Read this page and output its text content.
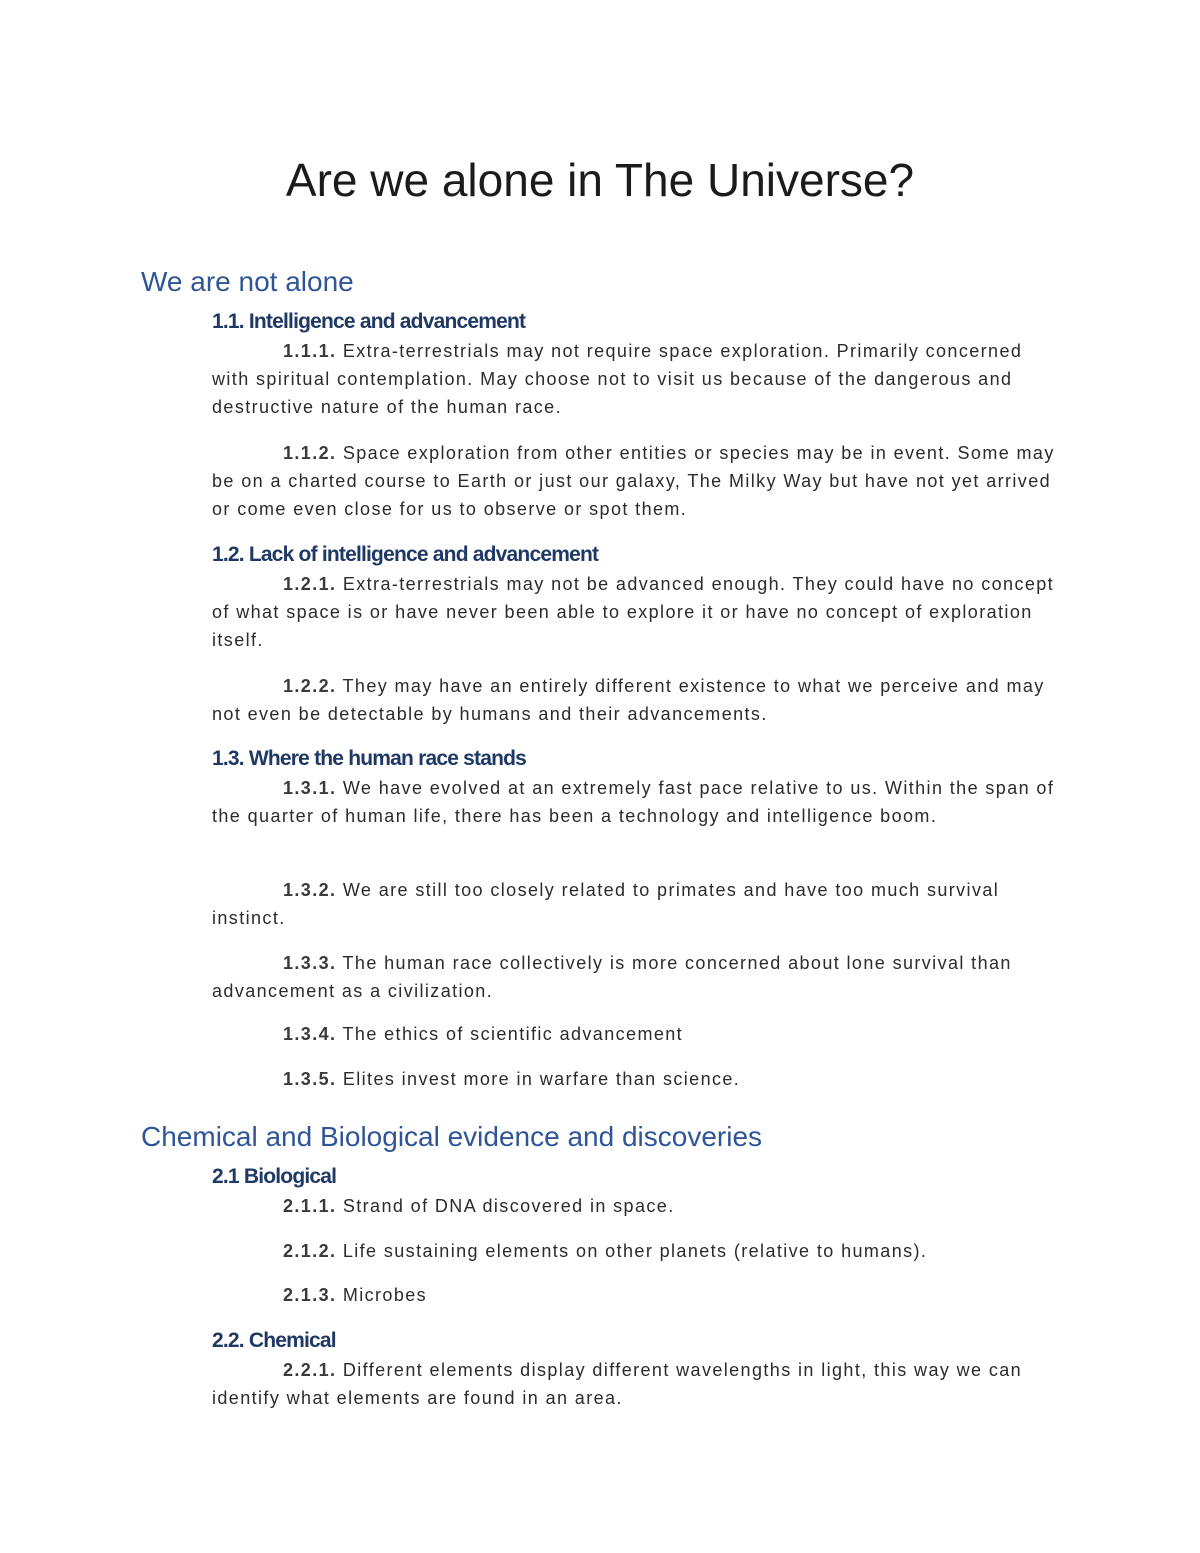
Are we alone in The Universe?
We are not alone
1.1. Intelligence and advancement

1.1.1. Extra-terrestrials may not require space exploration. Primarily concerned with spiritual contemplation. May choose not to visit us because of the dangerous and destructive nature of the human race.

1.1.2. Space exploration from other entities or species may be in event. Some may be on a charted course to Earth or just our galaxy, The Milky Way but have not yet arrived or come even close for us to observe or spot them.

1.2. Lack of intelligence and advancement

1.2.1. Extra-terrestrials may not be advanced enough. They could have no concept of what space is or have never been able to explore it or have no concept of exploration itself.

1.2.2. They may have an entirely different existence to what we perceive and may not even be detectable by humans and their advancements.

1.3. Where the human race stands

1.3.1. We have evolved at an extremely fast pace relative to us. Within the span of the quarter of human life, there has been a technology and intelligence boom.

1.3.2. We are still too closely related to primates and have too much survival instinct.

1.3.3. The human race collectively is more concerned about lone survival than advancement as a civilization.

1.3.4. The ethics of scientific advancement

1.3.5. Elites invest more in warfare than science.

Chemical and Biological evidence and discoveries
2.1 Biological

2.1.1. Strand of DNA discovered in space.

2.1.2. Life sustaining elements on other planets (relative to humans).

2.1.3. Microbes

2.2. Chemical

2.2.1. Different elements display different wavelengths in light, this way we can identify what elements are found in an area.
